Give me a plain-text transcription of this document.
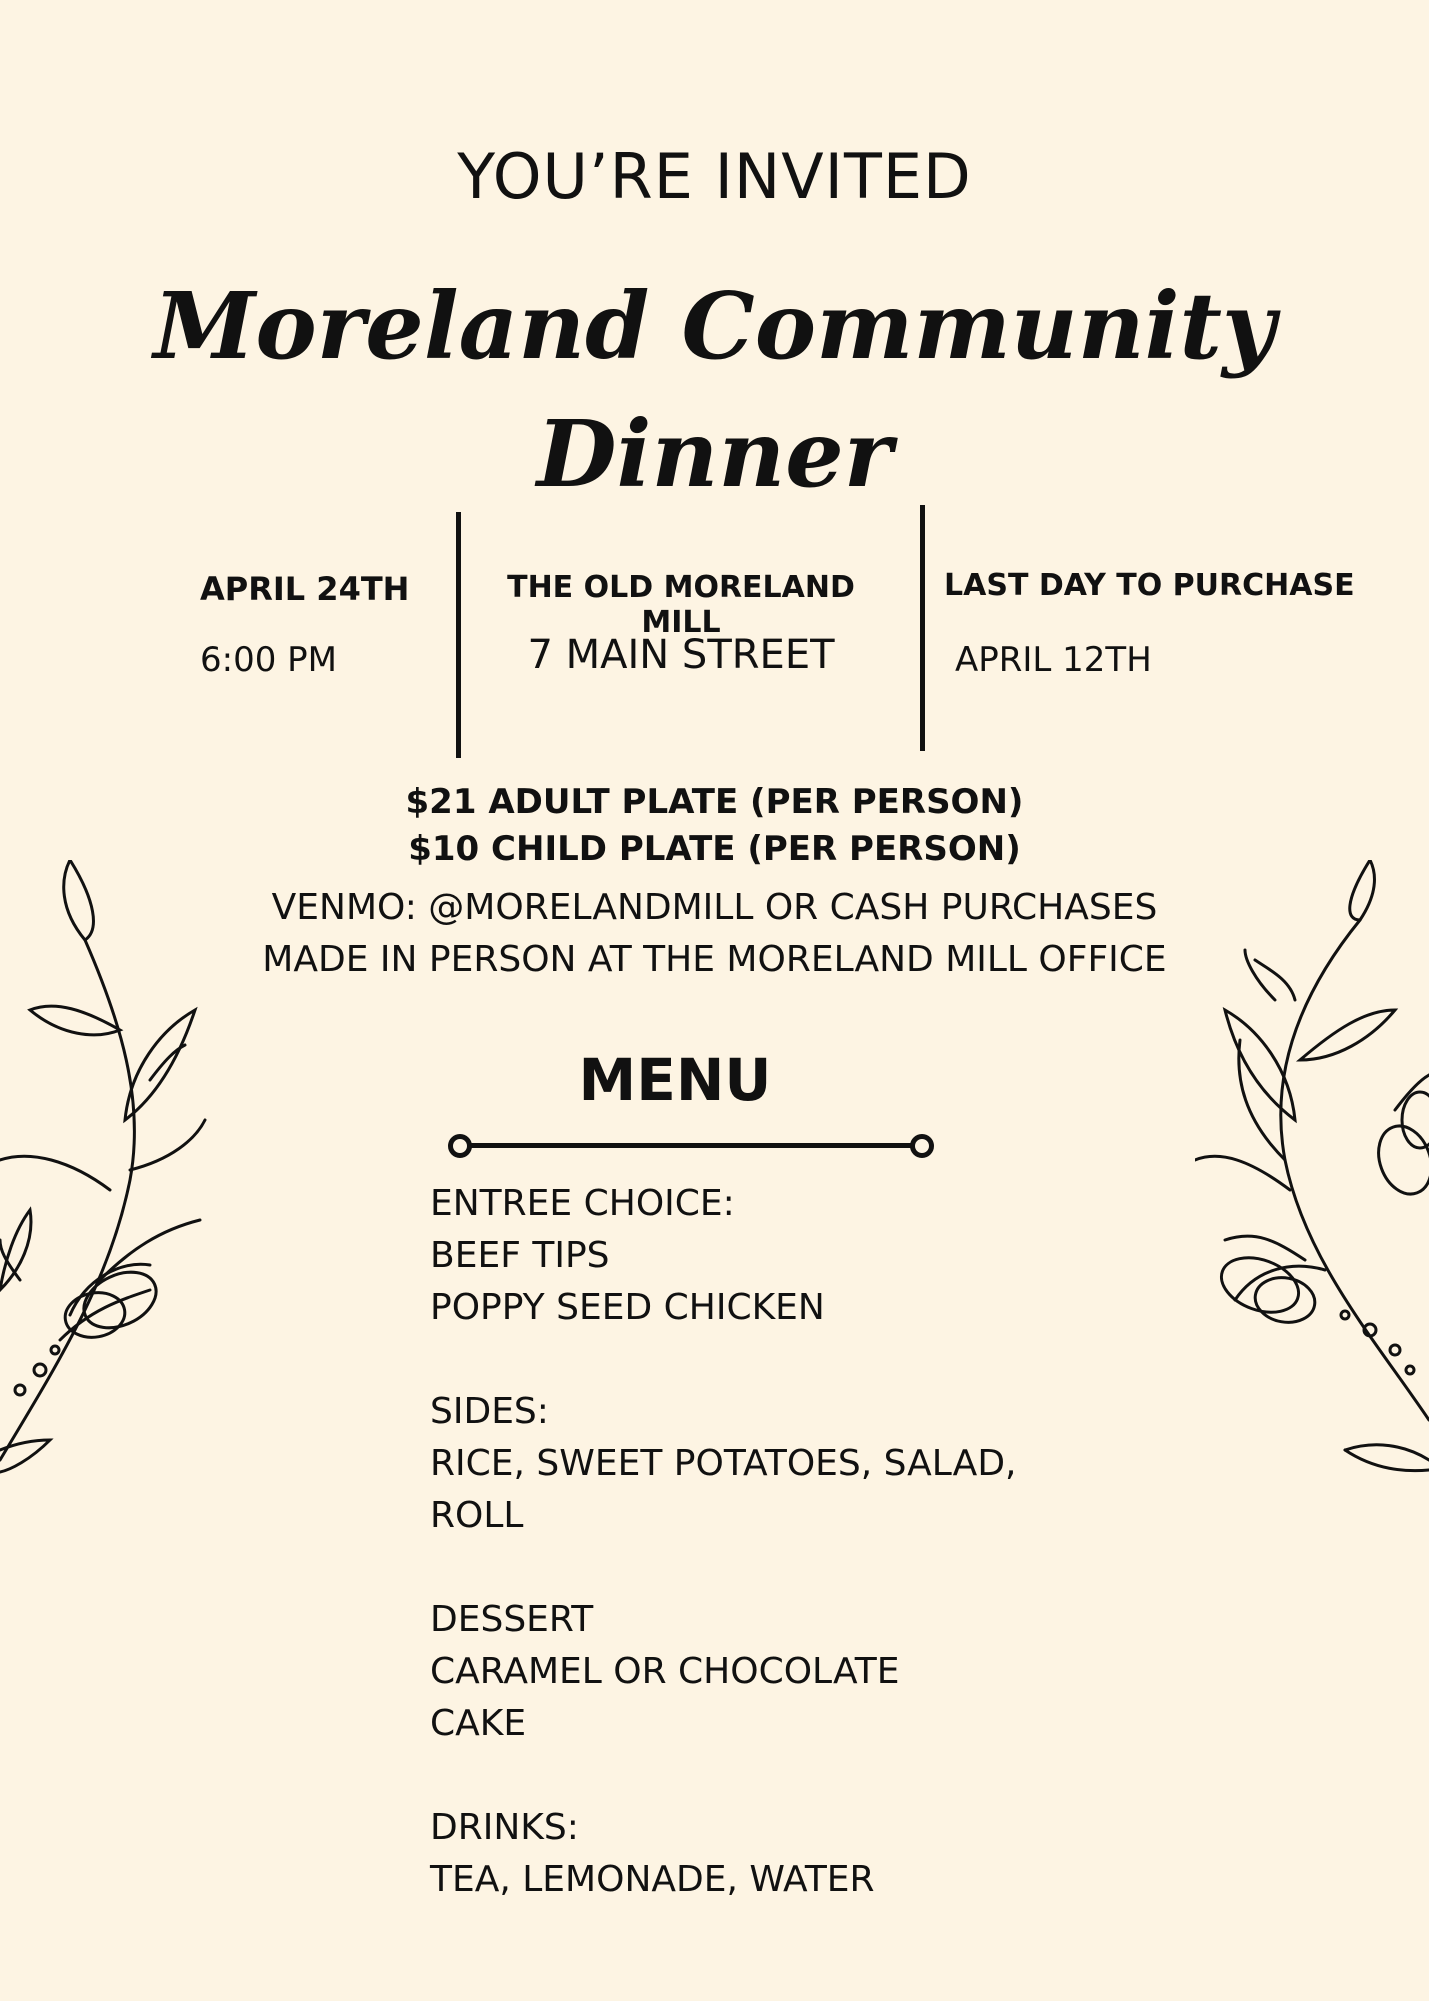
YOU’RE INVITED
Moreland Community
Dinner
APRIL 24TH
6:00 PM
THE OLD MORELAND MILL
7 MAIN STREET
LAST DAY TO PURCHASE
APRIL 12TH
$21 ADULT PLATE (PER PERSON)
$10 CHILD PLATE (PER PERSON)
VENMO: @MORELANDMILL OR CASH PURCHASES
MADE IN PERSON AT THE MORELAND MILL OFFICE
MENU
ENTREE CHOICE:
BEEF TIPS
POPPY SEED CHICKEN
SIDES:
RICE, SWEET POTATOES, SALAD,
ROLL
DESSERT
CARAMEL OR CHOCOLATE
CAKE
DRINKS:
TEA, LEMONADE, WATER
